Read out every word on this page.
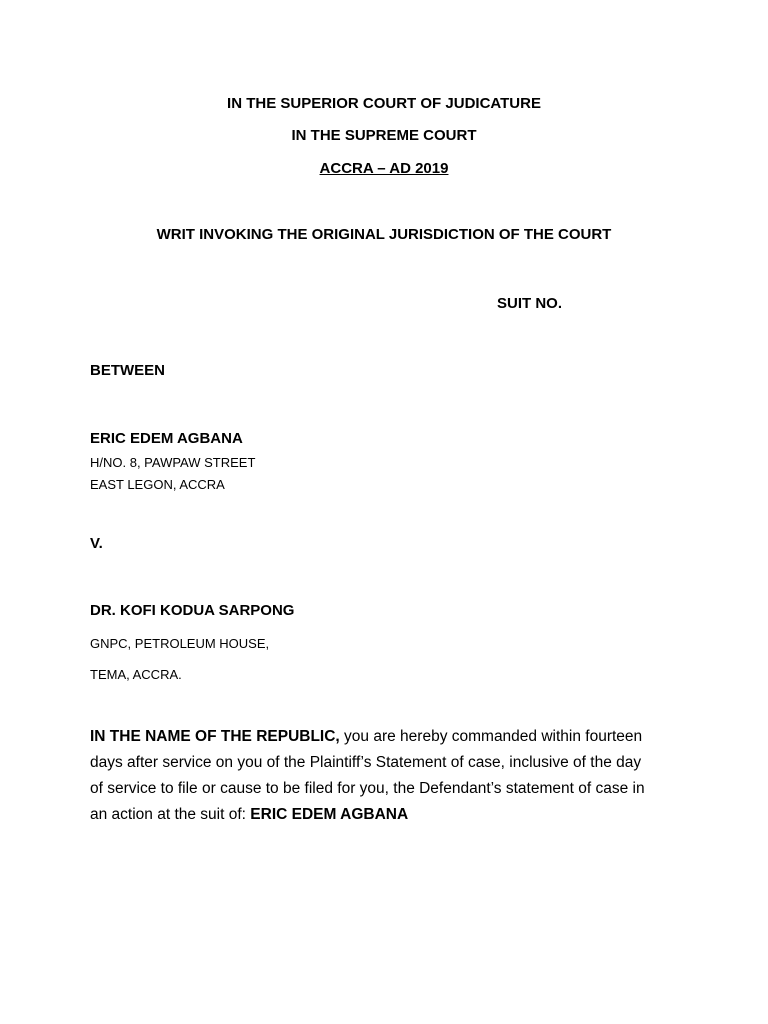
IN THE SUPERIOR COURT OF JUDICATURE
IN THE SUPREME COURT
ACCRA – AD 2019
WRIT INVOKING THE ORIGINAL JURISDICTION OF THE COURT
SUIT NO.
BETWEEN
ERIC EDEM AGBANA
H/NO. 8, PAWPAW STREET
EAST LEGON, ACCRA
V.
DR. KOFI KODUA SARPONG
GNPC, PETROLEUM HOUSE,
TEMA, ACCRA.
IN THE NAME OF THE REPUBLIC, you are hereby commanded within fourteen
days after service on you of the Plaintiff’s Statement of case, inclusive of the day
of service to file or cause to be filed for you, the Defendant’s statement of case in
an action at the suit of: ERIC EDEM AGBANA
